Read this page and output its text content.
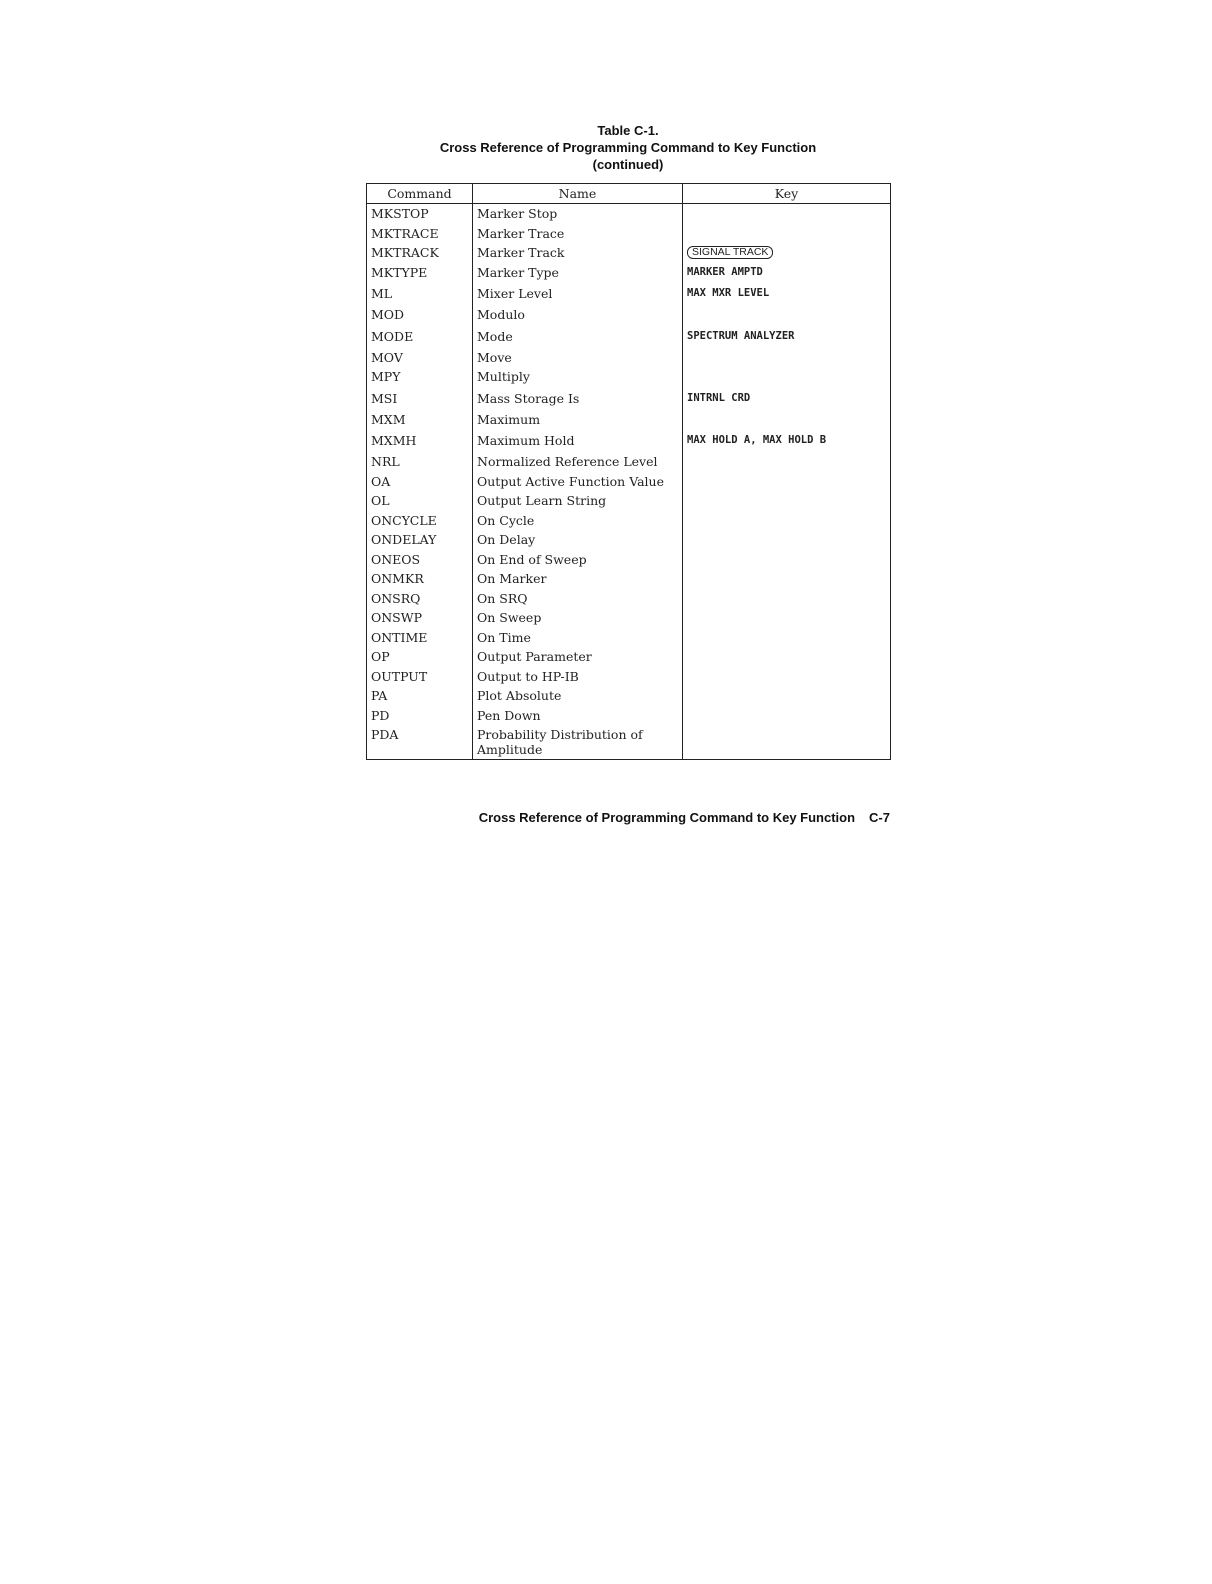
Table C-1.
Cross Reference of Programming Command to Key Function
(continued)
Command	Name	Key
MKSTOP	Marker Stop	
MKTRACE	Marker Trace	
MKTRACK	Marker Track	SIGNAL TRACK
MKTYPE	Marker Type	MARKER AMPTD
ML	Mixer Level	MAX MXR LEVEL
MOD	Modulo	
MODE	Mode	SPECTRUM ANALYZER
MOV	Move	
MPY	Multiply	
MSI	Mass Storage Is	INTRNL CRD
MXM	Maximum	
MXMH	Maximum Hold	MAX HOLD A, MAX HOLD B
NRL	Normalized Reference Level	
OA	Output Active Function Value	
OL	Output Learn String	
ONCYCLE	On Cycle	
ONDELAY	On Delay	
ONEOS	On End of Sweep	
ONMKR	On Marker	
ONSRQ	On SRQ	
ONSWP	On Sweep	
ONTIME	On Time	
OP	Output Parameter	
OUTPUT	Output to HP-IB	
PA	Plot Absolute	
PD	Pen Down	
PDA	Probability Distribution of Amplitude	
Cross Reference of Programming Command to Key Function C-7
